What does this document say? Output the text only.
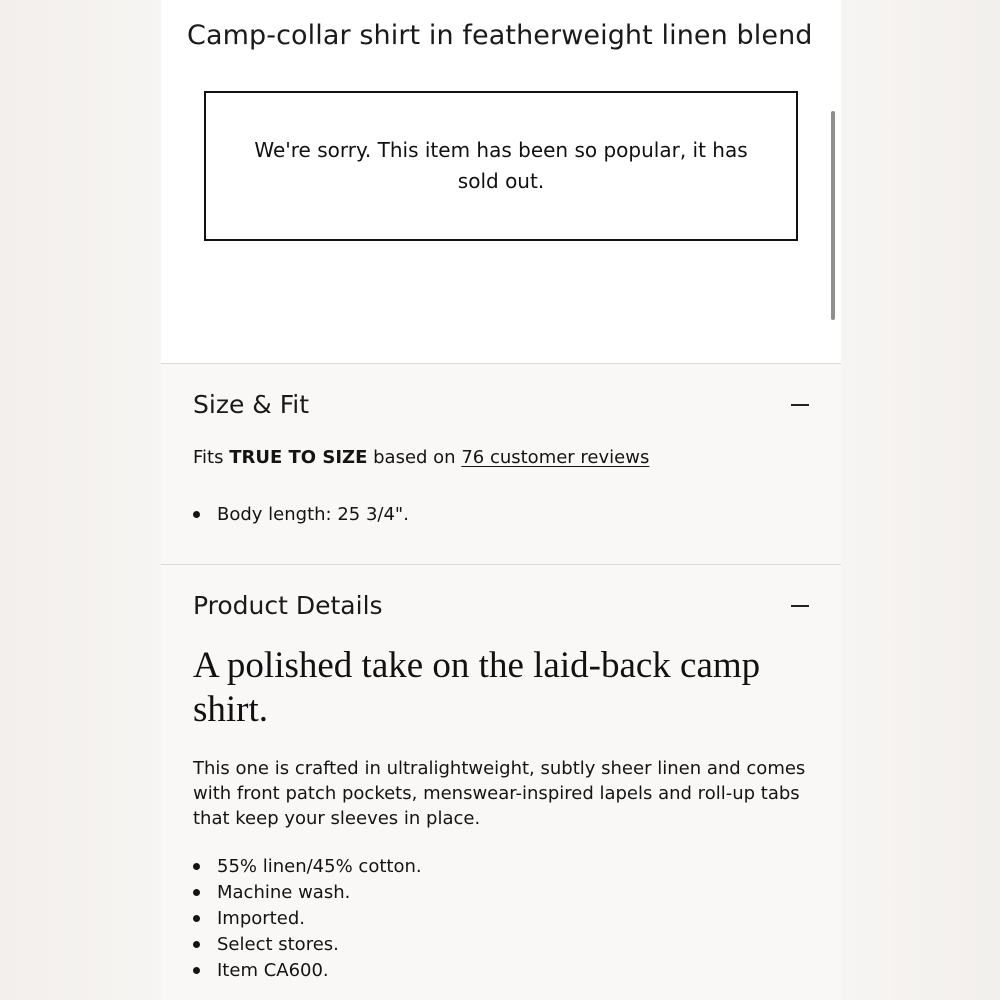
Camp-collar shirt in featherweight linen blend
We're sorry. This item has been so popular, it has sold out.
Size & Fit
Fits TRUE TO SIZE based on 76 customer reviews
Body length: 25 3/4".
Product Details
A polished take on the laid-back camp shirt.
This one is crafted in ultralightweight, subtly sheer linen and comes with front patch pockets, menswear-inspired lapels and roll-up tabs that keep your sleeves in place.
55% linen/45% cotton.
Machine wash.
Imported.
Select stores.
Item CA600.
